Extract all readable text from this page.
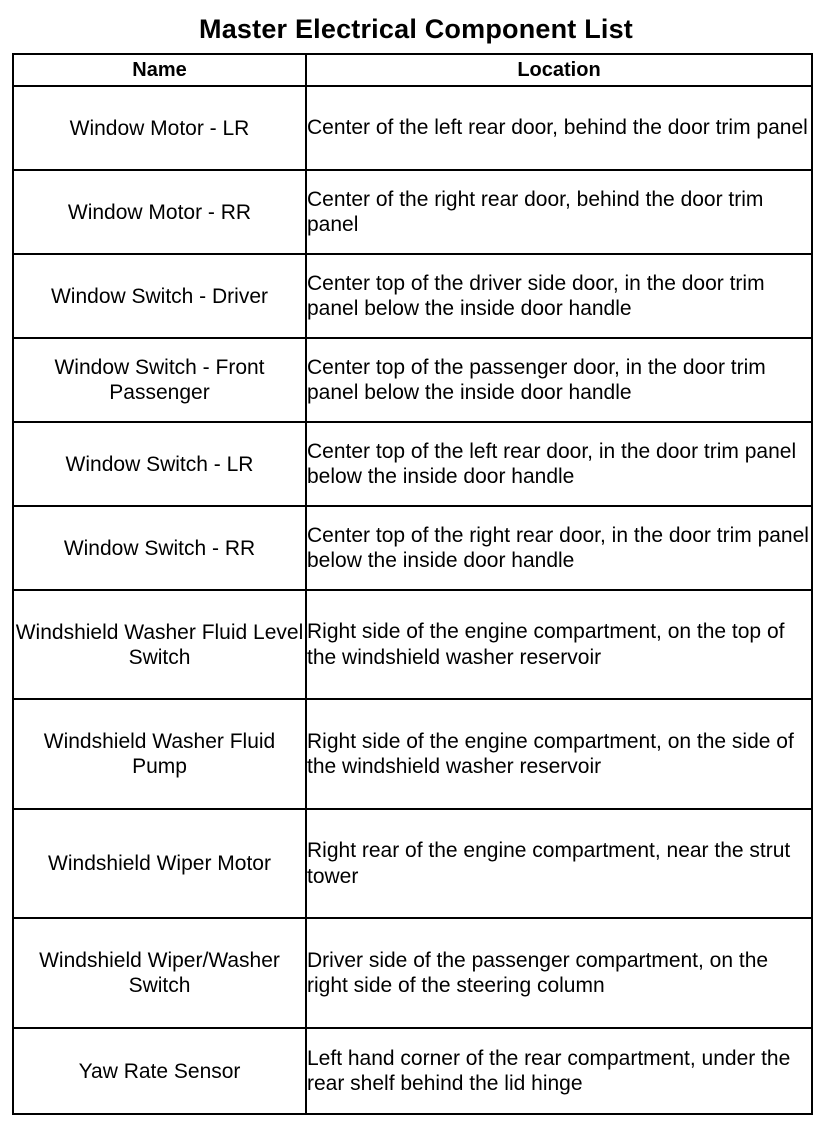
Master Electrical Component List
Name	Location
Window Motor - LR	Center of the left rear door, behind the door trim panel
Window Motor - RR	Center of the right rear door, behind the door trim panel
Window Switch - Driver	Center top of the driver side door, in the door trim panel below the inside door handle
Window Switch - Front Passenger	Center top of the passenger door, in the door trim panel below the inside door handle
Window Switch - LR	Center top of the left rear door, in the door trim panel below the inside door handle
Window Switch - RR	Center top of the right rear door, in the door trim panel below the inside door handle
Windshield Washer Fluid Level Switch	Right side of the engine compartment, on the top of the windshield washer reservoir
Windshield Washer Fluid Pump	Right side of the engine compartment, on the side of the windshield washer reservoir
Windshield Wiper Motor	Right rear of the engine compartment, near the strut tower
Windshield Wiper/Washer Switch	Driver side of the passenger compartment, on the right side of the steering column
Yaw Rate Sensor	Left hand corner of the rear compartment, under the rear shelf behind the lid hinge
